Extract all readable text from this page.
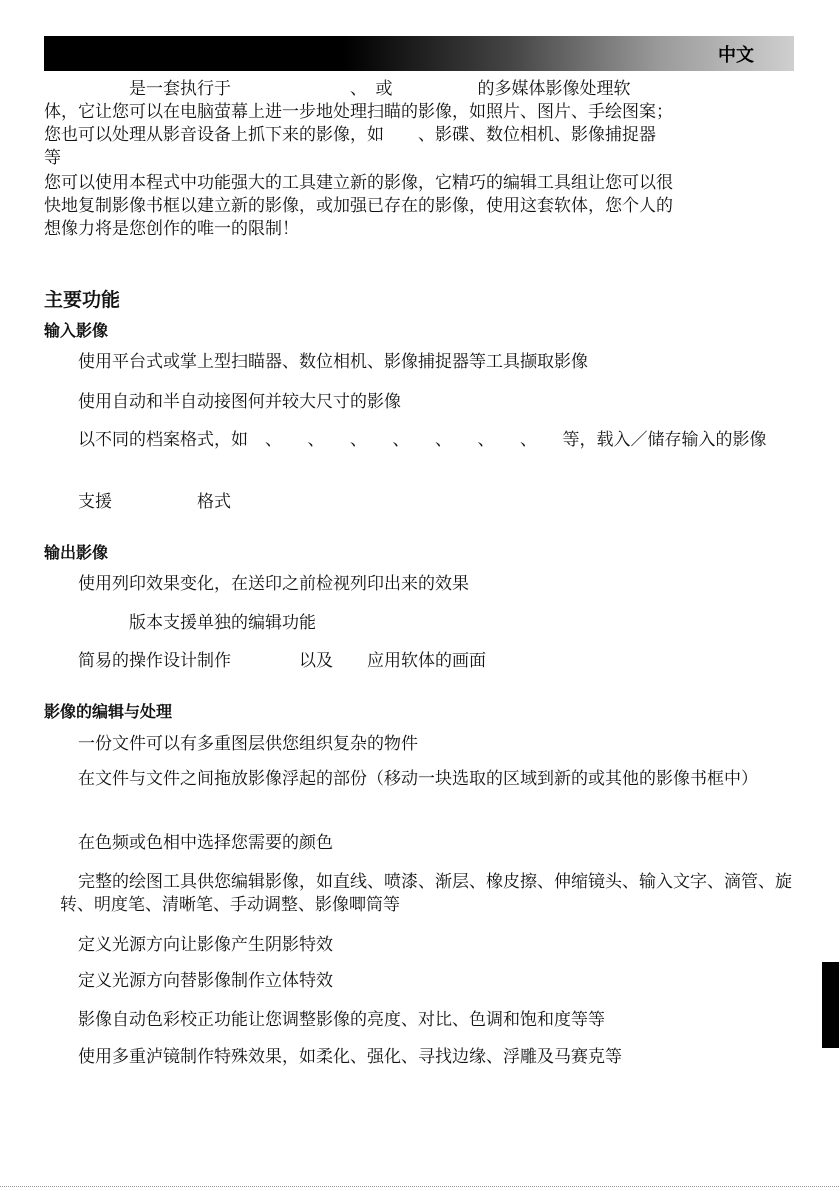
中文

　　　　　是一套执行于　　　　　　　、　或　　　　　的多媒体影像处理软

体，它让您可以在电脑萤幕上进一步地处理扫瞄的影像，如照片、图片、手绘图案；

您也可以处理从影音设备上抓下来的影像，如　　、影碟、数位相机、影像捕捉器

等

您可以使用本程式中功能强大的工具建立新的影像，它精巧的编辑工具组让您可以很

快地复制影像书框以建立新的影像，或加强已存在的影像，使用这套软体，您个人的

想像力将是您创作的唯一的限制！

主要功能
输入影像
使用平台式或掌上型扫瞄器、数位相机、影像捕捉器等工具撷取影像
使用自动和半自动接图何并较大尺寸的影像
以不同的档案格式，如　、　　、　　、　　、　　、　　、　　、　　等，载入／储存输入的影像
支援　　　　　格式
输出影像
使用列印效果变化，在送印之前检视列印出来的效果
　　　版本支援单独的编辑功能
简易的操作设计制作　　　　以及　　应用软体的画面
影像的编辑与处理
一份文件可以有多重图层供您组织复杂的物件
在文件与文件之间拖放影像浮起的部份（移动一块选取的区域到新的或其他的影像书框中）
在色频或色相中选择您需要的颜色
完整的绘图工具供您编辑影像，如直线、喷漆、渐层、橡皮擦、伸缩镜头、输入文字、滴管、旋转、明度笔、清晰笔、手动调整、影像唧筒等
定义光源方向让影像产生阴影特效
定义光源方向替影像制作立体特效
影像自动色彩校正功能让您调整影像的亮度、对比、色调和饱和度等等
使用多重泸镜制作特殊效果，如柔化、强化、寻找边缘、浮雕及马赛克等
